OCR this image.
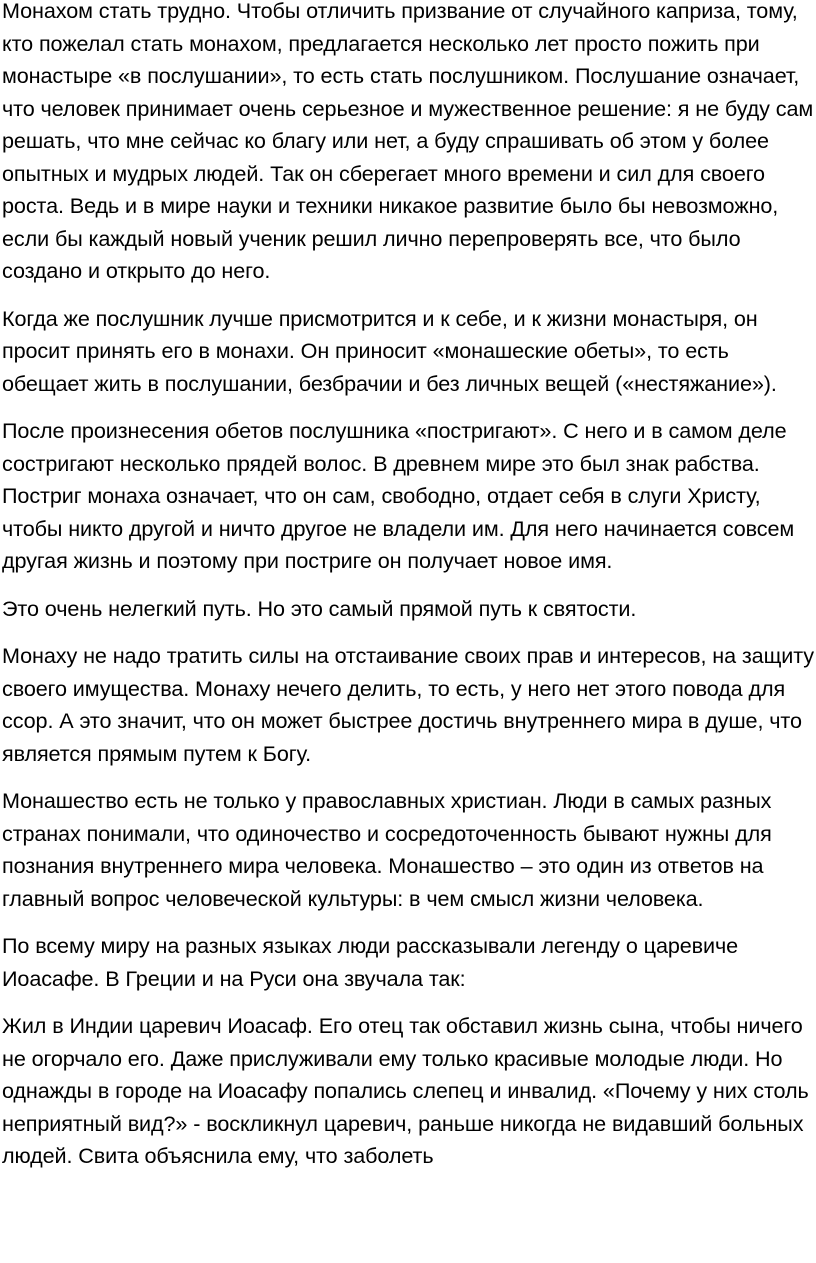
Монахом стать трудно. Чтобы отличить призвание от случайного каприза, тому, кто пожелал стать монахом, предлагается несколько лет просто пожить при монастыре «в послушании», то есть стать послушником. Послушание означает, что человек принимает очень серьезное и мужественное решение: я не буду сам решать, что мне сейчас ко благу или нет, а буду спрашивать об этом у более опытных и мудрых людей. Так он сберегает много времени и сил для своего роста. Ведь и в мире науки и техники никакое развитие было бы невозможно, если бы каждый новый ученик решил лично перепроверять все, что было создано и открыто до него.

Когда же послушник лучше присмотрится и к себе, и к жизни монастыря, он просит принять его в монахи. Он приносит «монашеские обеты», то есть обещает жить в послушании, безбрачии и без личных вещей («нестяжание»).

После произнесения обетов послушника «постригают». С него и в самом деле состригают несколько прядей волос. В древнем мире это был знак рабства. Постриг монаха означает, что он сам, свободно, отдает себя в слуги Христу, чтобы никто другой и ничто другое не владели им. Для него начинается совсем другая жизнь и поэтому при постриге он получает новое имя.

Это очень нелегкий путь. Но это самый прямой путь к святости.

Монаху не надо тратить силы на отстаивание своих прав и интересов, на защиту своего имущества. Монаху нечего делить, то есть, у него нет этого повода для ссор. А это значит, что он может быстрее достичь внутреннего мира в душе, что является прямым путем к Богу.

Монашество есть не только у православных христиан. Люди в самых разных странах понимали, что одиночество и сосредоточенность бывают нужны для познания внутреннего мира человека. Монашество – это один из ответов на главный вопрос человеческой культуры: в чем смысл жизни человека.

По всему миру на разных языках люди рассказывали легенду о царевиче Иоасафе. В Греции и на Руси она звучала так:

Жил в Индии царевич Иоасаф. Его отец так обставил жизнь сына, чтобы ничего не огорчало его. Даже прислуживали ему только красивые молодые люди. Но однажды в городе на Иоасафу попались слепец и инвалид. «Почему у них столь неприятный вид?» - воскликнул царевич, раньше никогда не видавший больных людей. Свита объяснила ему, что заболеть
